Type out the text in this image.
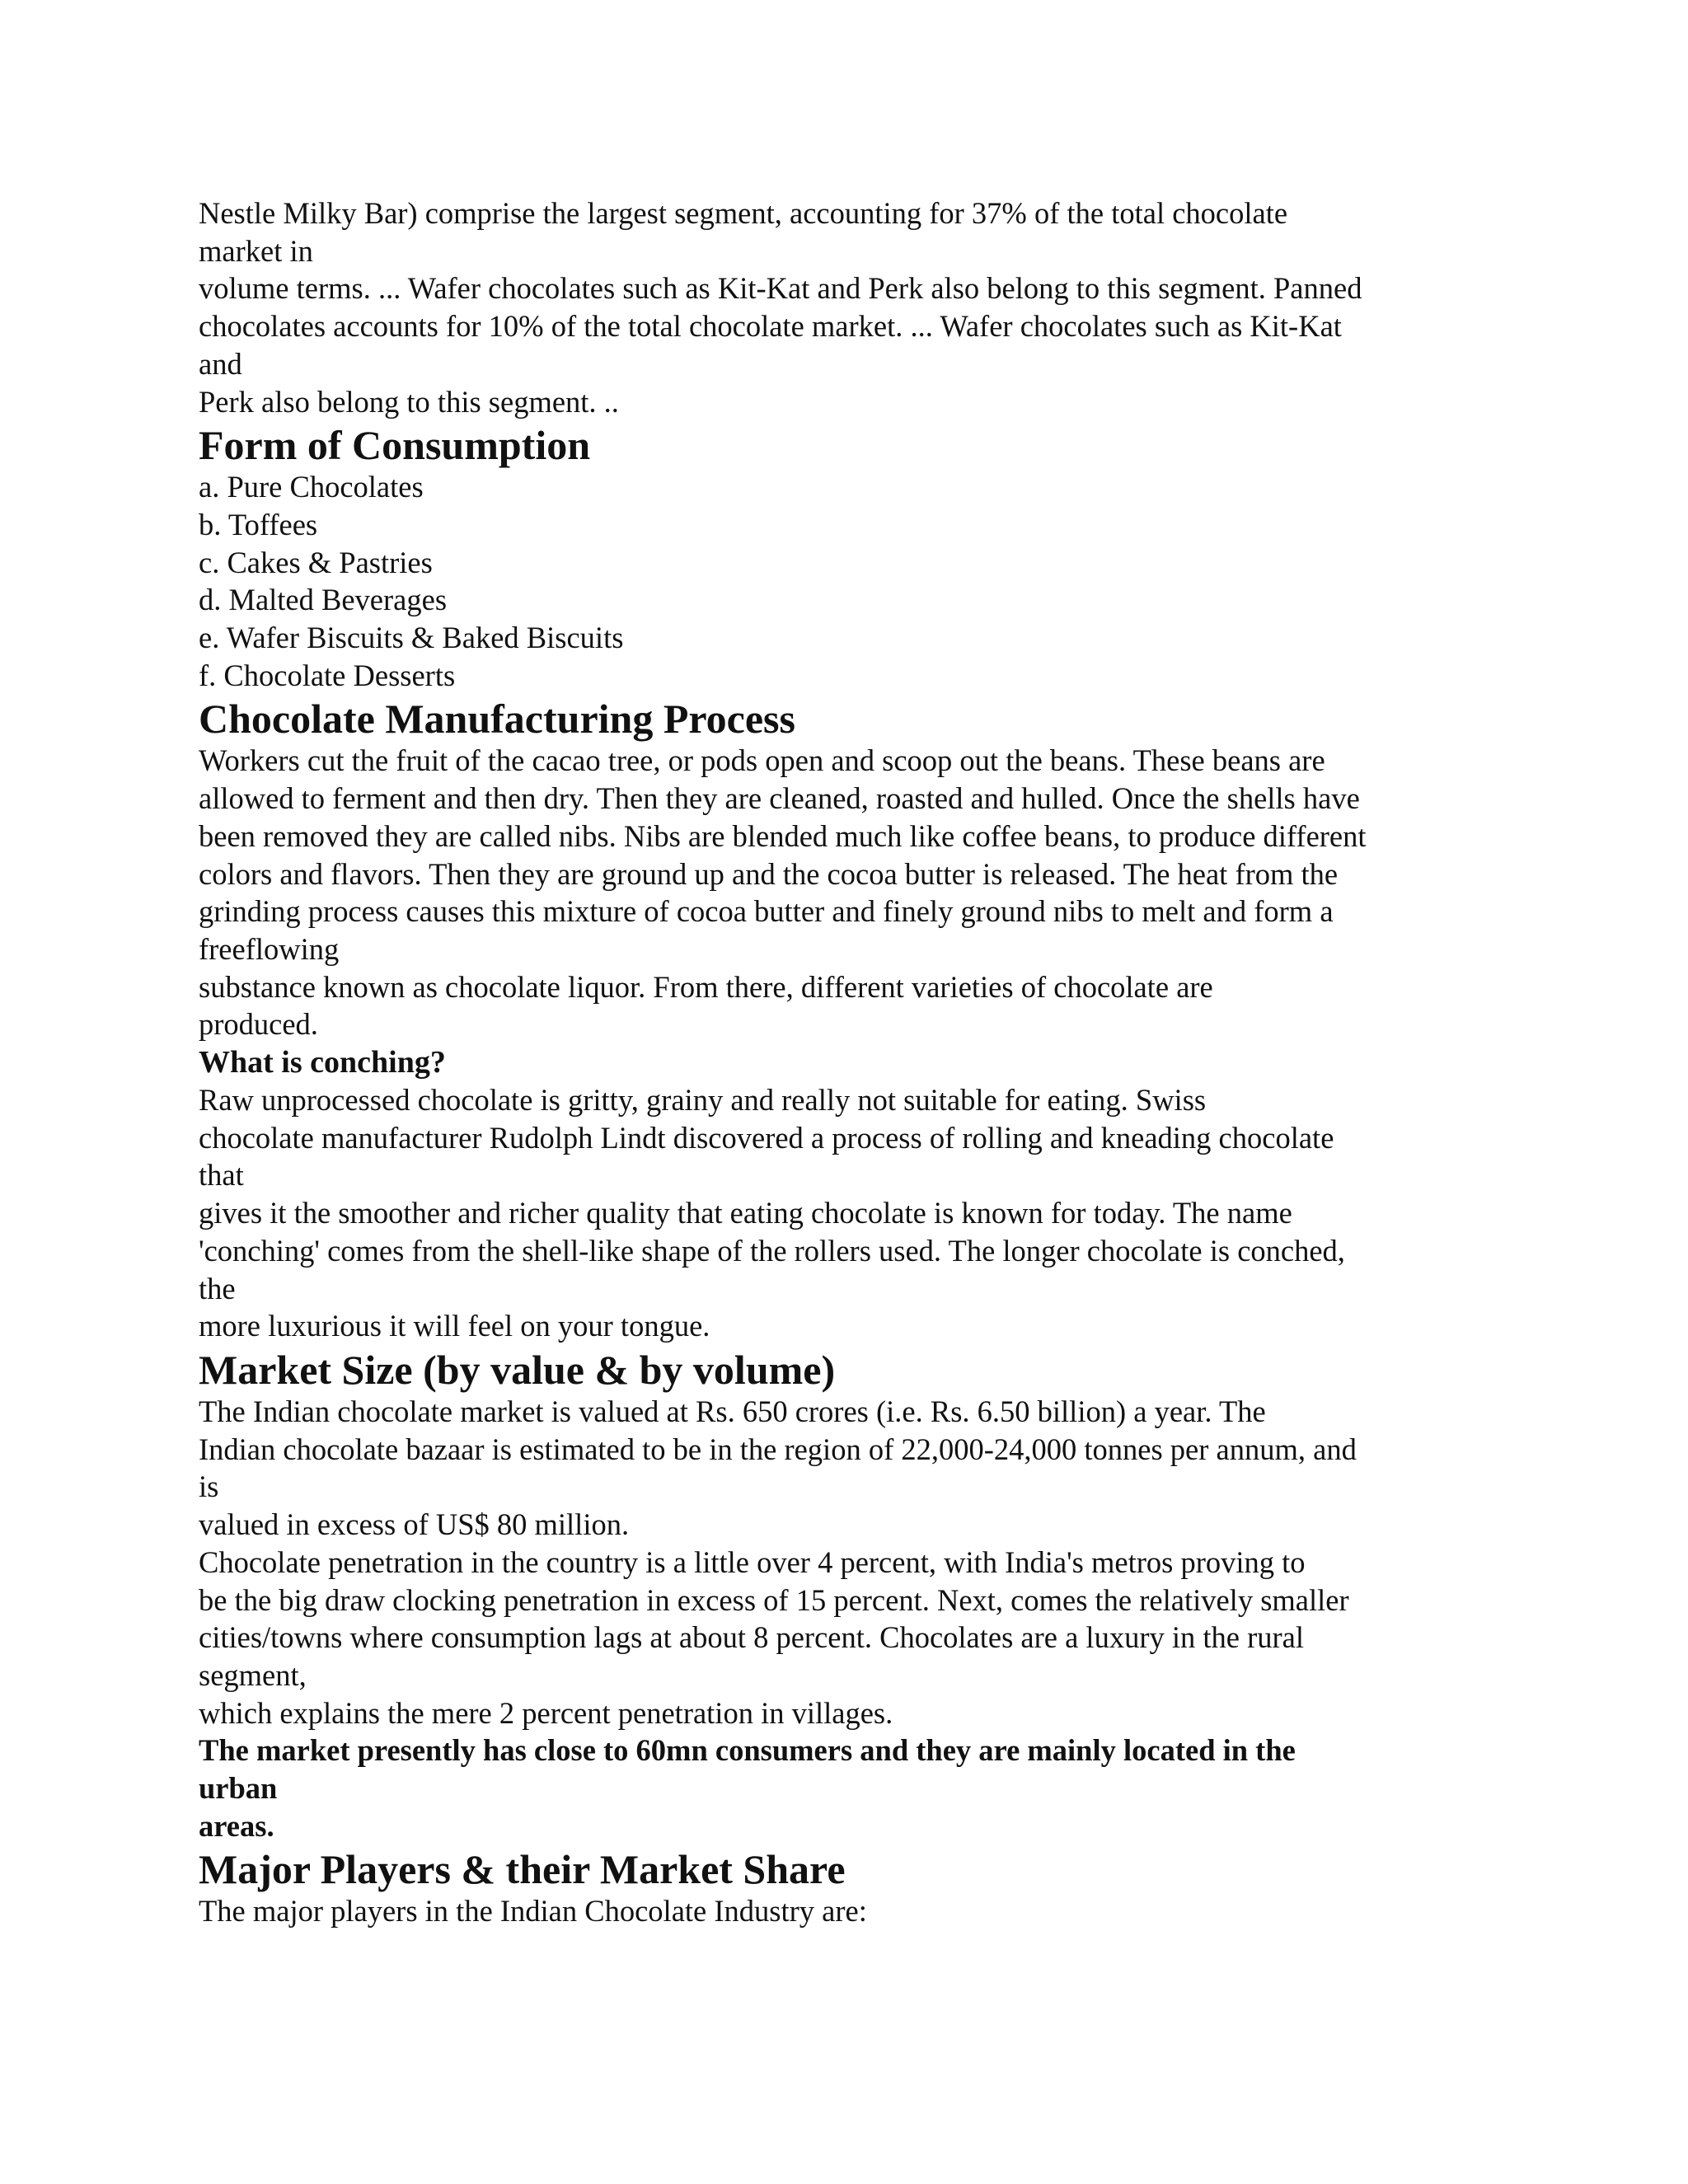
Nestle Milky Bar) comprise the largest segment, accounting for 37% of the total chocolate
market in
volume terms. ... Wafer chocolates such as Kit-Kat and Perk also belong to this segment. Panned
chocolates accounts for 10% of the total chocolate market. ... Wafer chocolates such as Kit-Kat
and
Perk also belong to this segment. ..
Form of Consumption
a. Pure Chocolates
b. Toffees
c. Cakes & Pastries
d. Malted Beverages
e. Wafer Biscuits & Baked Biscuits
f. Chocolate Desserts
Chocolate Manufacturing Process
Workers cut the fruit of the cacao tree, or pods open and scoop out the beans. These beans are
allowed to ferment and then dry. Then they are cleaned, roasted and hulled. Once the shells have
been removed they are called nibs. Nibs are blended much like coffee beans, to produce different
colors and flavors. Then they are ground up and the cocoa butter is released. The heat from the
grinding process causes this mixture of cocoa butter and finely ground nibs to melt and form a
freeflowing
substance known as chocolate liquor. From there, different varieties of chocolate are
produced.
What is conching?
Raw unprocessed chocolate is gritty, grainy and really not suitable for eating. Swiss
chocolate manufacturer Rudolph Lindt discovered a process of rolling and kneading chocolate
that
gives it the smoother and richer quality that eating chocolate is known for today. The name
'conching' comes from the shell-like shape of the rollers used. The longer chocolate is conched,
the
more luxurious it will feel on your tongue.
Market Size (by value & by volume)
The Indian chocolate market is valued at Rs. 650 crores (i.e. Rs. 6.50 billion) a year. The
Indian chocolate bazaar is estimated to be in the region of 22,000-24,000 tonnes per annum, and
is
valued in excess of US$ 80 million.
Chocolate penetration in the country is a little over 4 percent, with India's metros proving to
be the big draw clocking penetration in excess of 15 percent. Next, comes the relatively smaller
cities/towns where consumption lags at about 8 percent. Chocolates are a luxury in the rural
segment,
which explains the mere 2 percent penetration in villages.
The market presently has close to 60mn consumers and they are mainly located in the
urban
areas.
Major Players & their Market Share
The major players in the Indian Chocolate Industry are:
